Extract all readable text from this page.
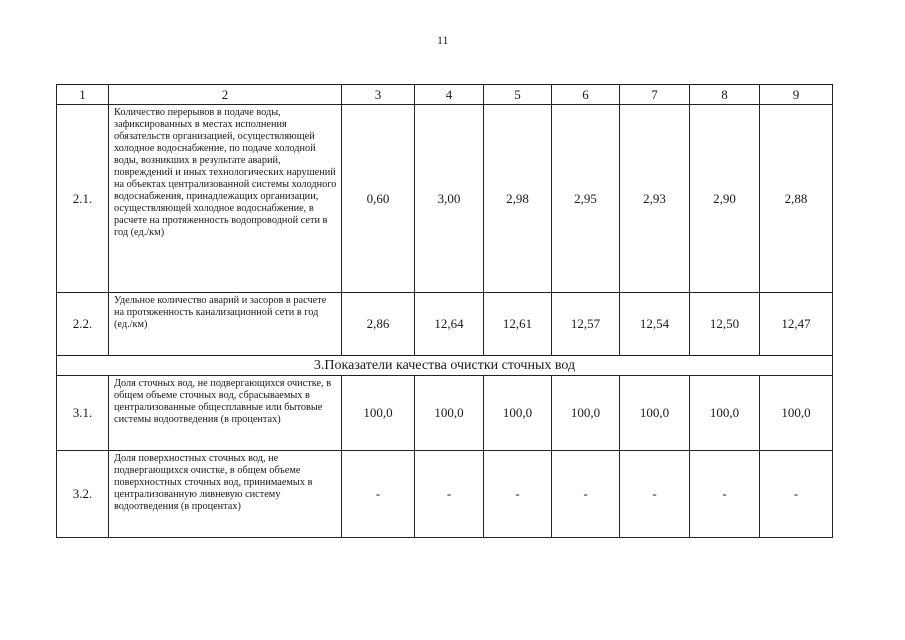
11
1	2	3	4	5	6	7	8	9
2.1.	Количество перерывов в подаче воды, зафиксированных в местах исполнения обязательств организацией, осуществляющей холодное водоснабжение, по подаче холодной воды, возникших в результате аварий, повреждений и иных технологических нарушений на объектах централизованной системы холодного водоснабжения, принадлежащих организации, осуществляющей холодное водоснабжение, в расчете на протяженность водопроводной сети в год (ед./км)	0,60	3,00	2,98	2,95	2,93	2,90	2,88
2.2.	Удельное количество аварий и засоров в расчете на протяженность канализационной сети в год (ед./км)	2,86	12,64	12,61	12,57	12,54	12,50	12,47
3.Показатели качества очистки сточных вод								
3.1.	Доля сточных вод, не подвергающихся очистке, в общем объеме сточных вод, сбрасываемых в централизованные общесплавные или бытовые системы водоотведения (в процентах)	100,0	100,0	100,0	100,0	100,0	100,0	100,0
3.2.	Доля поверхностных сточных вод, не подвергающихся очистке, в общем объеме поверхностных сточных вод, принимаемых в централизованную ливневую систему водоотведения (в процентах)	-	-	-	-	-	-	-
